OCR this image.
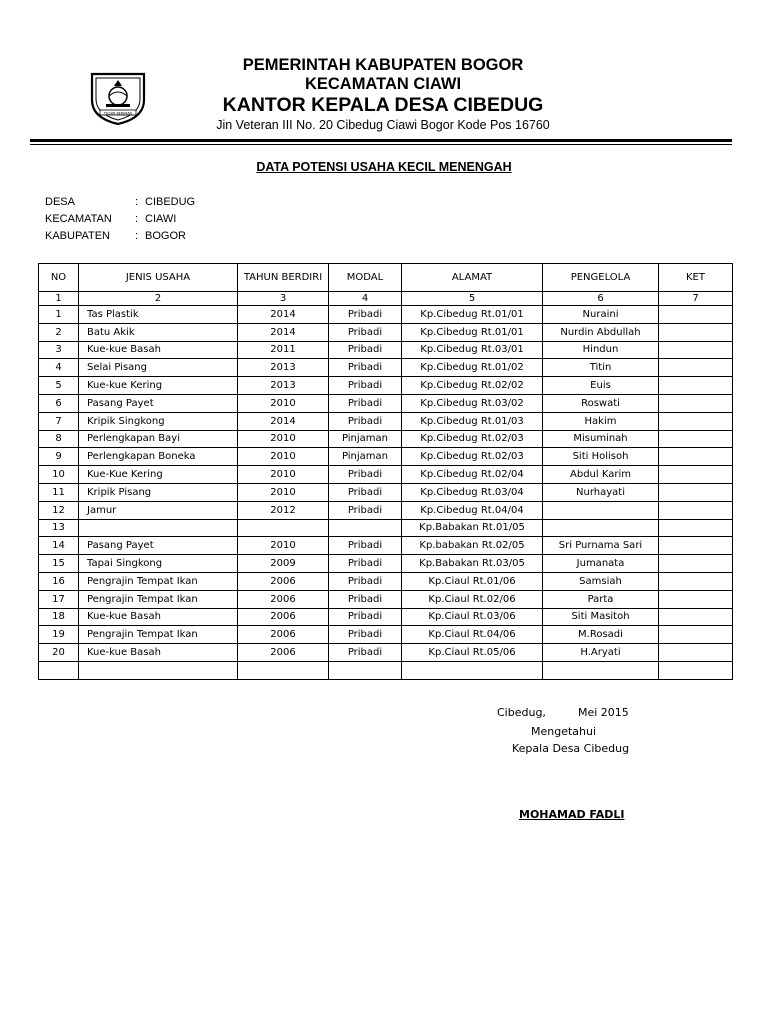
TEGAR BERIMAN
PEMERINTAH KABUPATEN BOGOR
KECAMATAN CIAWI
KANTOR KEPALA DESA CIBEDUG
Jin Veteran III No. 20 Cibedug Ciawi Bogor Kode Pos 16760
DATA POTENSI USAHA KECIL MENENGAH
DESA	: CIBEDUG
KECAMATAN : CIAWI
KABUPATEN : BOGOR
NO	JENIS USAHA	TAHUN BERDIRI	MODAL	ALAMAT	PENGELOLA	KET
1	2	3	4	5	6	7
1	Tas Plastik	2014	Pribadi	Kp.Cibedug Rt.01/01	Nuraini	
2	Batu Akik	2014	Pribadi	Kp.Cibedug Rt.01/01	Nurdin Abdullah	
3	Kue-kue Basah	2011	Pribadi	Kp.Cibedug Rt.03/01	Hindun	
4	Selai Pisang	2013	Pribadi	Kp.Cibedug Rt.01/02	Titin	
5	Kue-kue Kering	2013	Pribadi	Kp.Cibedug Rt.02/02	Euis	
6	Pasang Payet	2010	Pribadi	Kp.Cibedug Rt.03/02	Roswati	
7	Kripik Singkong	2014	Pribadi	Kp.Cibedug Rt.01/03	Hakim	
8	Perlengkapan Bayi	2010	Pinjaman	Kp.Cibedug Rt.02/03	Misuminah	
9	Perlengkapan Boneka	2010	Pinjaman	Kp.Cibedug Rt.02/03	Siti Holisoh	
10	Kue-Kue Kering	2010	Pribadi	Kp.Cibedug Rt.02/04	Abdul Karim	
11	Kripik Pisang	2010	Pribadi	Kp.Cibedug Rt.03/04	Nurhayati	
12	Jamur	2012	Pribadi	Kp.Cibedug Rt.04/04		
13				Kp.Babakan Rt.01/05		
14	Pasang Payet	2010	Pribadi	Kp.babakan Rt.02/05	Sri Purnama Sari	
15	Tapai Singkong	2009	Pribadi	Kp.Babakan Rt.03/05	Jumanata	
16	Pengrajin Tempat Ikan	2006	Pribadi	Kp.Ciaul Rt.01/06	Samsiah	
17	Pengrajin Tempat Ikan	2006	Pribadi	Kp.Ciaul Rt.02/06	Parta	
18	Kue-kue Basah	2006	Pribadi	Kp.Ciaul Rt.03/06	Siti Masitoh	
19	Pengrajin Tempat Ikan	2006	Pribadi	Kp.Ciaul Rt.04/06	M.Rosadi	
20	Kue-kue Basah	2006	Pribadi	Kp.Ciaul Rt.05/06	H.Aryati	

Cibedug,	Mei 2015
Mengetahui
Kepala Desa Cibedug
MOHAMAD FADLI
